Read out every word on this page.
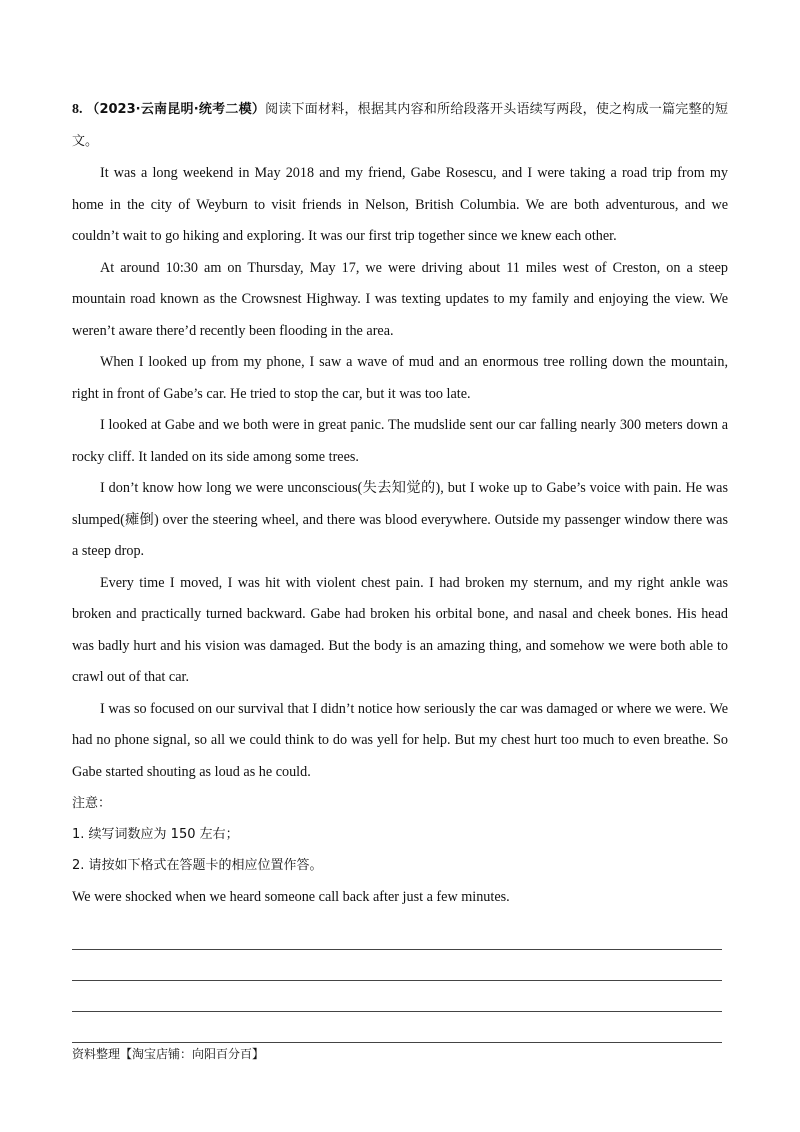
8. （2023·云南昆明·统考二模）阅读下面材料，根据其内容和所给段落开头语续写两段，使之构成一篇完整的短文。

It was a long weekend in May 2018 and my friend, Gabe Rosescu, and I were taking a road trip from my home in the city of Weyburn to visit friends in Nelson, British Columbia. We are both adventurous, and we couldn’t wait to go hiking and exploring. It was our first trip together since we knew each other.

At around 10:30 am on Thursday, May 17, we were driving about 11 miles west of Creston, on a steep mountain road known as the Crowsnest Highway. I was texting updates to my family and enjoying the view. We weren’t aware there’d recently been flooding in the area.

When I looked up from my phone, I saw a wave of mud and an enormous tree rolling down the mountain, right in front of Gabe’s car. He tried to stop the car, but it was too late.

I looked at Gabe and we both were in great panic. The mudslide sent our car falling nearly 300 meters down a rocky cliff. It landed on its side among some trees.

I don’t know how long we were unconscious(失去知觉的), but I woke up to Gabe’s voice with pain. He was slumped(瘫倒) over the steering wheel, and there was blood everywhere. Outside my passenger window there was a steep drop.

Every time I moved, I was hit with violent chest pain. I had broken my sternum, and my right ankle was broken and practically turned backward. Gabe had broken his orbital bone, and nasal and cheek bones. His head was badly hurt and his vision was damaged. But the body is an amazing thing, and somehow we were both able to crawl out of that car.

I was so focused on our survival that I didn’t notice how seriously the car was damaged or where we were. We had no phone signal, so all we could think to do was yell for help. But my chest hurt too much to even breathe. So Gabe started shouting as loud as he could.

注意：

1. 续写词数应为 150 左右；

2. 请按如下格式在答题卡的相应位置作答。

We were shocked when we heard someone call back after just a few minutes.

资料整理【淘宝店铺：向阳百分百】
